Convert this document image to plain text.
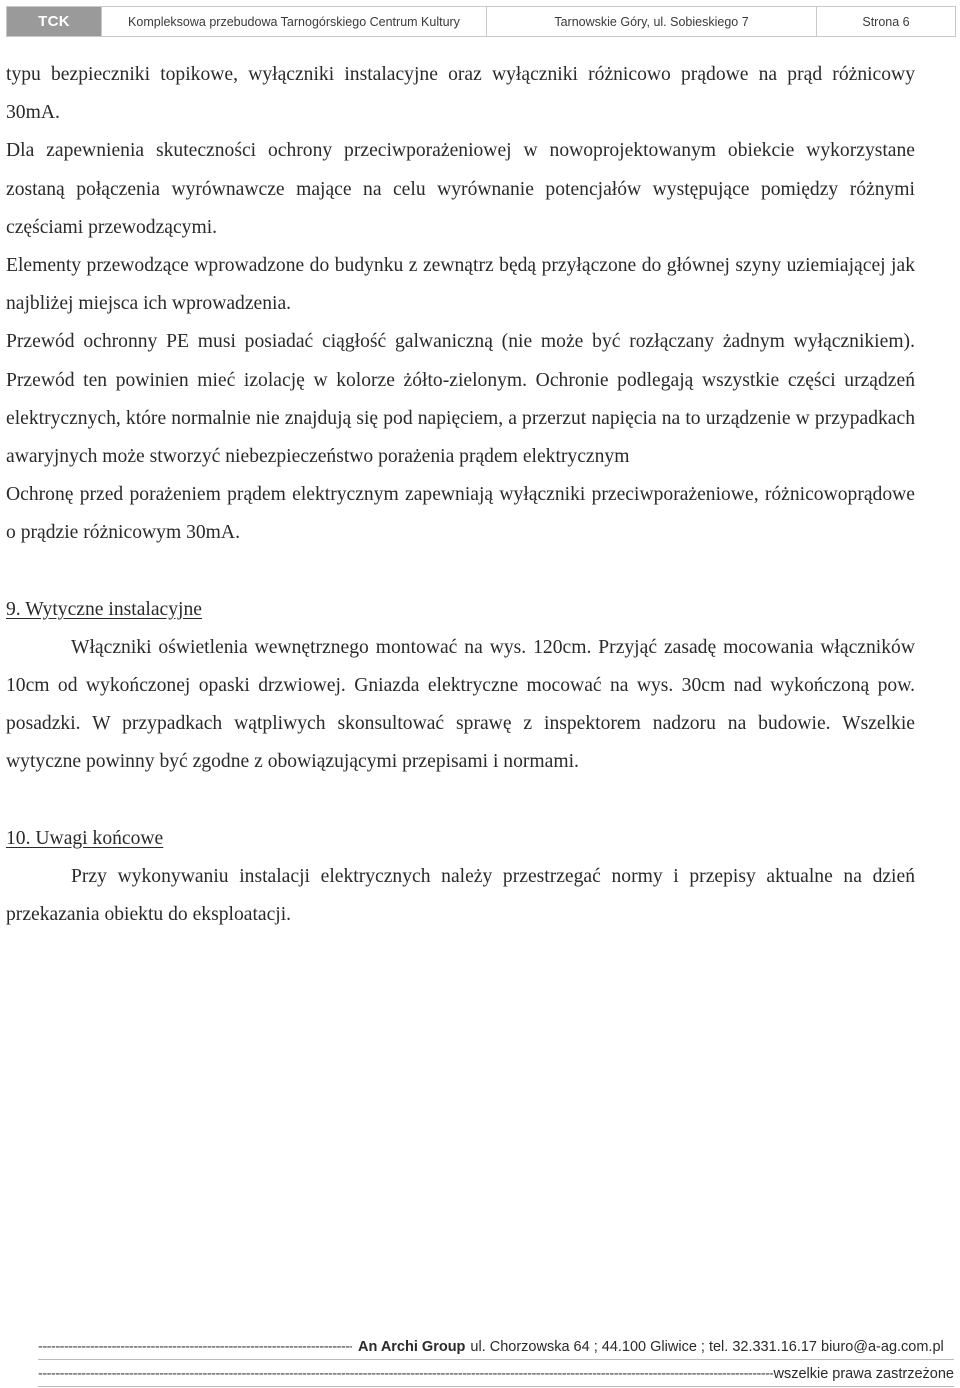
TCK	Kompleksowa przebudowa Tarnogórskiego Centrum Kultury	Tarnowskie Góry, ul. Sobieskiego 7	Strona 6

typu bezpieczniki topikowe, wyłączniki instalacyjne oraz wyłączniki różnicowo prądowe na prąd różnicowy 30mA.

Dla zapewnienia skuteczności ochrony przeciwporażeniowej w nowoprojektowanym obiekcie wykorzystane zostaną połączenia wyrównawcze mające na celu wyrównanie potencjałów występujące pomiędzy różnymi częściami przewodzącymi.

Elementy przewodzące wprowadzone do budynku z zewnątrz będą przyłączone do głównej szyny uziemiającej jak najbliżej miejsca ich wprowadzenia.

Przewód ochronny PE musi posiadać ciągłość galwaniczną (nie może być rozłączany żadnym wyłącznikiem). Przewód ten powinien mieć izolację w kolorze żółto-zielonym. Ochronie podlegają wszystkie części urządzeń elektrycznych, które normalnie nie znajdują się pod napięciem, a przerzut napięcia na to urządzenie w przypadkach awaryjnych może stworzyć niebezpieczeństwo porażenia prądem elektrycznym

Ochronę przed porażeniem prądem elektrycznym zapewniają wyłączniki przeciwporażeniowe, różnicowoprądowe o prądzie różnicowym 30mA.

9. Wytyczne instalacyjne

Włączniki oświetlenia wewnętrznego montować na wys. 120cm. Przyjąć zasadę mocowania włączników 10cm od wykończonej opaski drzwiowej. Gniazda elektryczne mocować na wys. 30cm nad wykończoną pow. posadzki. W przypadkach wątpliwych skonsultować sprawę z inspektorem nadzoru na budowie. Wszelkie wytyczne powinny być zgodne z obowiązującymi przepisami i normami.

10. Uwagi końcowe

Przy wykonywaniu instalacji elektrycznych należy przestrzegać normy i przepisy aktualne na dzień przekazania obiektu do eksploatacji.

-----
An Archi Group ul. Chorzowska 64 ; 44.100 Gliwice ; tel. 32.331.16.17 biuro@a-ag.com.pl
-----
wszelkie prawa zastrzeżone
